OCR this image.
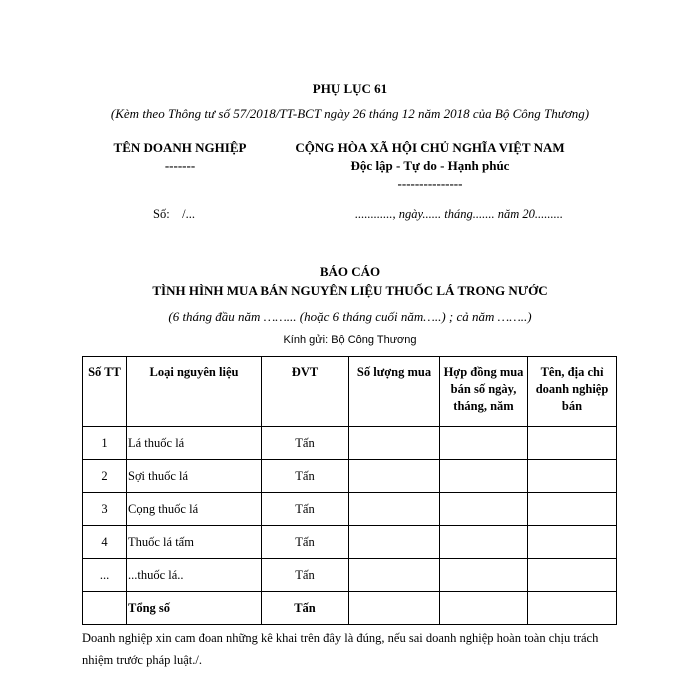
PHỤ LỤC 61
(Kèm theo Thông tư số 57/2018/TT-BCT ngày 26 tháng 12 năm 2018 của Bộ Công Thương)
TÊN DOANH NGHIỆP
-------
CỘNG HÒA XÃ HỘI CHỦ NGHĨA VIỆT NAM
Độc lập - Tự do - Hạnh phúc
---------------
Số:    /...	............, ngày...... tháng....... năm 20.........
BÁO CÁO
TÌNH HÌNH MUA BÁN NGUYÊN LIỆU THUỐC LÁ TRONG NƯỚC
(6 tháng đầu năm ……... (hoặc 6 tháng cuối năm…..) ; cả năm ……..)
Kính gửi: Bộ Công Thương
Số TT	Loại nguyên liệu	ĐVT	Số lượng mua	Hợp đồng mua bán số ngày, tháng, năm	Tên, địa chỉ doanh nghiệp bán
1	Lá thuốc lá	Tấn			
2	Sợi thuốc lá	Tấn			
3	Cọng thuốc lá	Tấn			
4	Thuốc lá tấm	Tấn			
...	...thuốc lá..	Tấn			
	Tổng số	Tấn			
Doanh nghiệp xin cam đoan những kê khai trên đây là đúng, nếu sai doanh nghiệp hoàn toàn chịu trách nhiệm trước pháp luật./.
